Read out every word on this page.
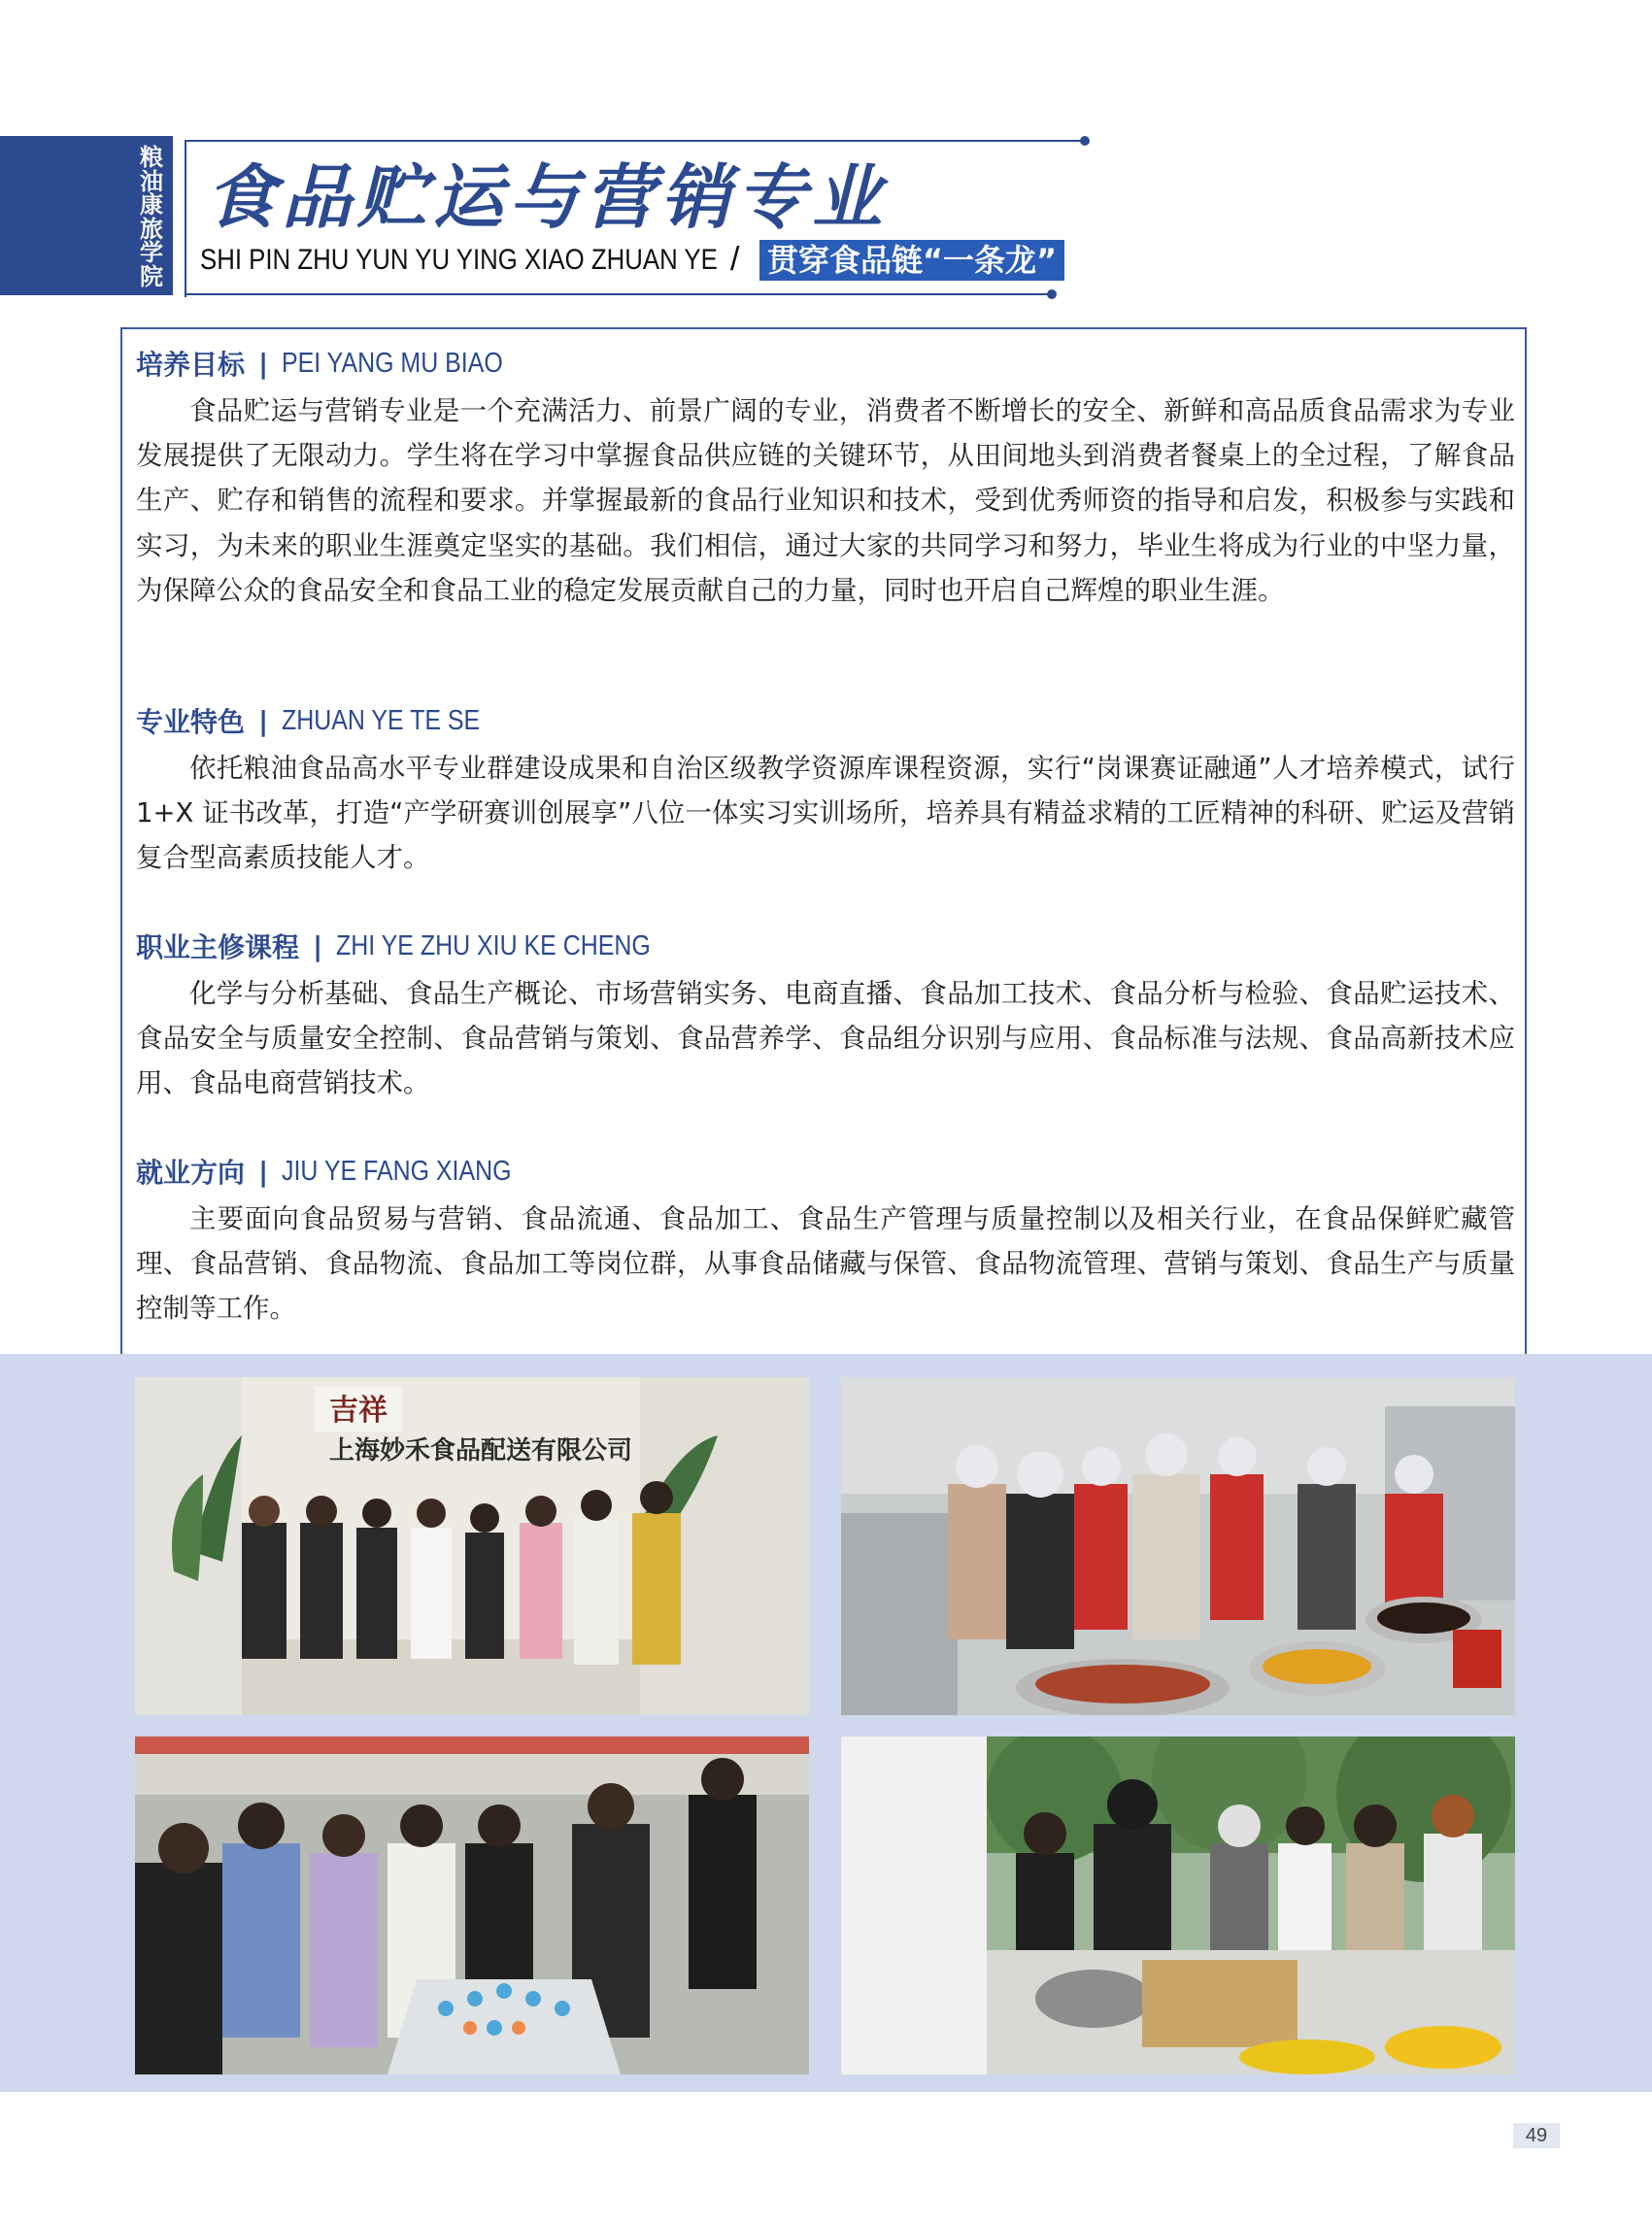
粮油康旅学院
食品贮运与营销专业
SHI PIN ZHU YUN YU YING XIAO ZHUAN YE / 贯穿食品链“一条龙”
培养目标 | PEI YANG MU BIAO

食品贮运与营销专业是一个充满活力、前景广阔的专业，消费者不断增长的安全、新鲜和高品质食品需求为专业发展提供了无限动力。学生将在学习中掌握食品供应链的关键环节，从田间地头到消费者餐桌上的全过程，了解食品生产、贮存和销售的流程和要求。并掌握最新的食品行业知识和技术，受到优秀师资的指导和启发，积极参与实践和实习，为未来的职业生涯奠定坚实的基础。我们相信，通过大家的共同学习和努力，毕业生将成为行业的中坚力量，为保障公众的食品安全和食品工业的稳定发展贡献自己的力量，同时也开启自己辉煌的职业生涯。

专业特色 | ZHUAN YE TE SE

依托粮油食品高水平专业群建设成果和自治区级教学资源库课程资源，实行“岗课赛证融通”人才培养模式，试行 1+X 证书改革，打造“产学研赛训创展享”八位一体实习实训场所，培养具有精益求精的工匠精神的科研、贮运及营销复合型高素质技能人才。

职业主修课程 | ZHI YE ZHU XIU KE CHENG

化学与分析基础、食品生产概论、市场营销实务、电商直播、食品加工技术、食品分析与检验、食品贮运技术、食品安全与质量安全控制、食品营销与策划、食品营养学、食品组分识别与应用、食品标准与法规、食品高新技术应用、食品电商营销技术。

就业方向 | JIU YE FANG XIANG

主要面向食品贸易与营销、食品流通、食品加工、食品生产管理与质量控制以及相关行业，在食品保鲜贮藏管理、食品营销、食品物流、食品加工等岗位群，从事食品储藏与保管、食品物流管理、营销与策划、食品生产与质量控制等工作。

吉祥
上海妙禾食品配送有限公司
49
